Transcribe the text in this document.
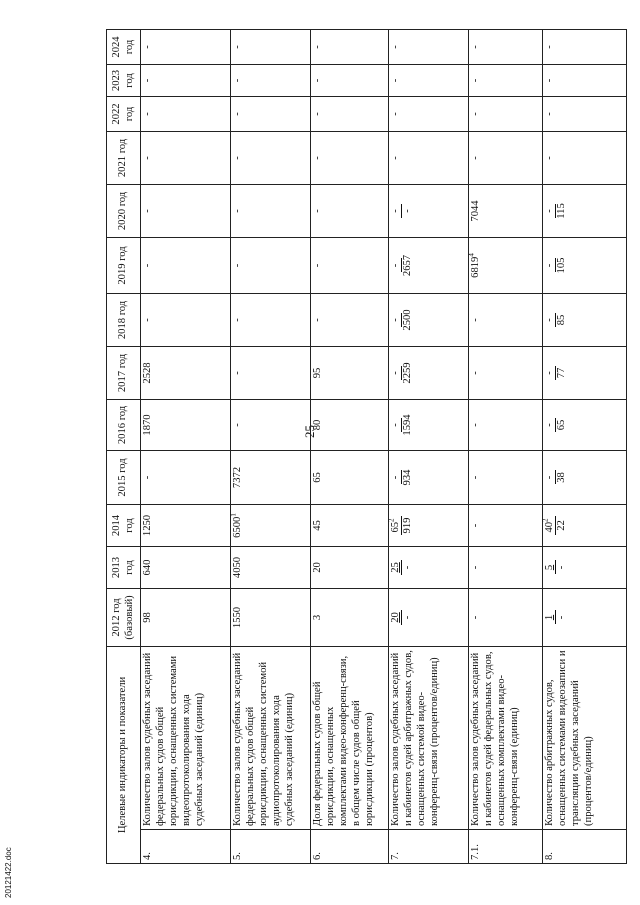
25
Целевые индикаторы и показатели		2012 год (базовый)	2013 год	2014 год	2015 год	2016 год	2017 год	2018 год	2019 год	2020 год	2021 год	2022 год	2023 год	2024 год
4.	Количество залов судебных заседаний федеральных судов общей юрисдикции, оснащенных системами видеопротоколирования хода судебных заседаний (единиц)	98	640	1250	-	1870	2528	-	-	-	-	-	-	-
5.	Количество залов судебных заседаний федеральных судов общей юрисдикции, оснащенных системой аудиопротоколирования хода судебных заседаний (единиц)	1550	4050	6500$^1$	7372	-	-	-	-	-	-	-	-	-
6.	Доля федеральных судов общей юрисдикции, оснащенных комплектами видео-конференц-связи, в общем числе судов общей юрисдикции (процентов)	3	20	45	65	80	95	-	-	-	-	-	-	-
7.	Количество залов судебных заседаний и кабинетов судей арбитражных судов, оснащенных системой видео-конференц-связи (процентов/единиц)	20 -	25 -	$65^2$ 919	- 934	- 1594	- 2259	- 2500	- 2657	- -	-	-	-	-
7.1.	Количество залов судебных заседаний и кабинетов судей федеральных судов, оснащенных комплектами видео-конференц-связи (единиц)	-	-	-	-	-	-	-	6819$^4$	7044	-	-	-	-
8.	Количество арбитражных судов, оснащенных системами видеозаписи и трансляции судебных заседаний (процентов/единиц)	1 -	5 -	$40^2$ 22	- 38	- 65	- 77	- 85	- 105	- 115	-	-	-	-
20121422.doc
